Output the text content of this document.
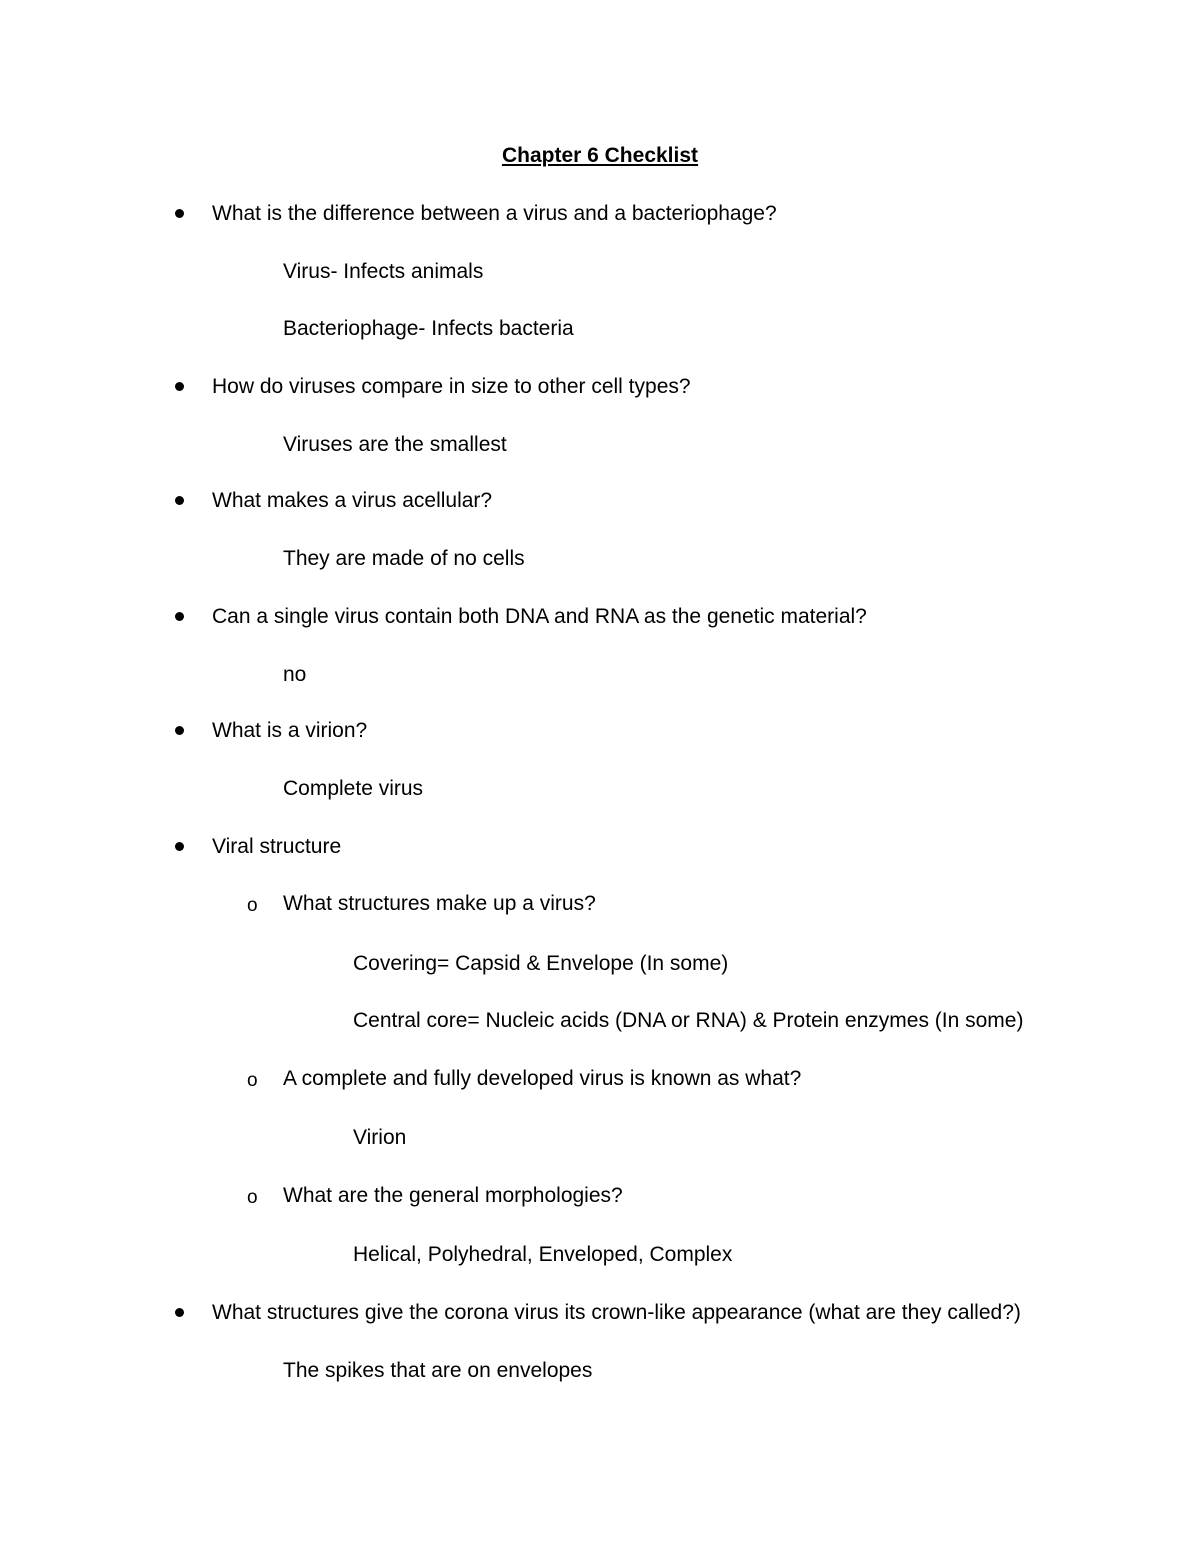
Chapter 6 Checklist
What is the difference between a virus and a bacteriophage?
Virus- Infects animals
Bacteriophage- Infects bacteria
How do viruses compare in size to other cell types?
Viruses are the smallest
What makes a virus acellular?
They are made of no cells
Can a single virus contain both DNA and RNA as the genetic material?
no
What is a virion?
Complete virus
Viral structure
o What structures make up a virus?
Covering= Capsid & Envelope (In some)
Central core= Nucleic acids (DNA or RNA) & Protein enzymes (In some)
o A complete and fully developed virus is known as what?
Virion
o What are the general morphologies?
Helical, Polyhedral, Enveloped, Complex
What structures give the corona virus its crown-like appearance (what are they called?)
The spikes that are on envelopes
